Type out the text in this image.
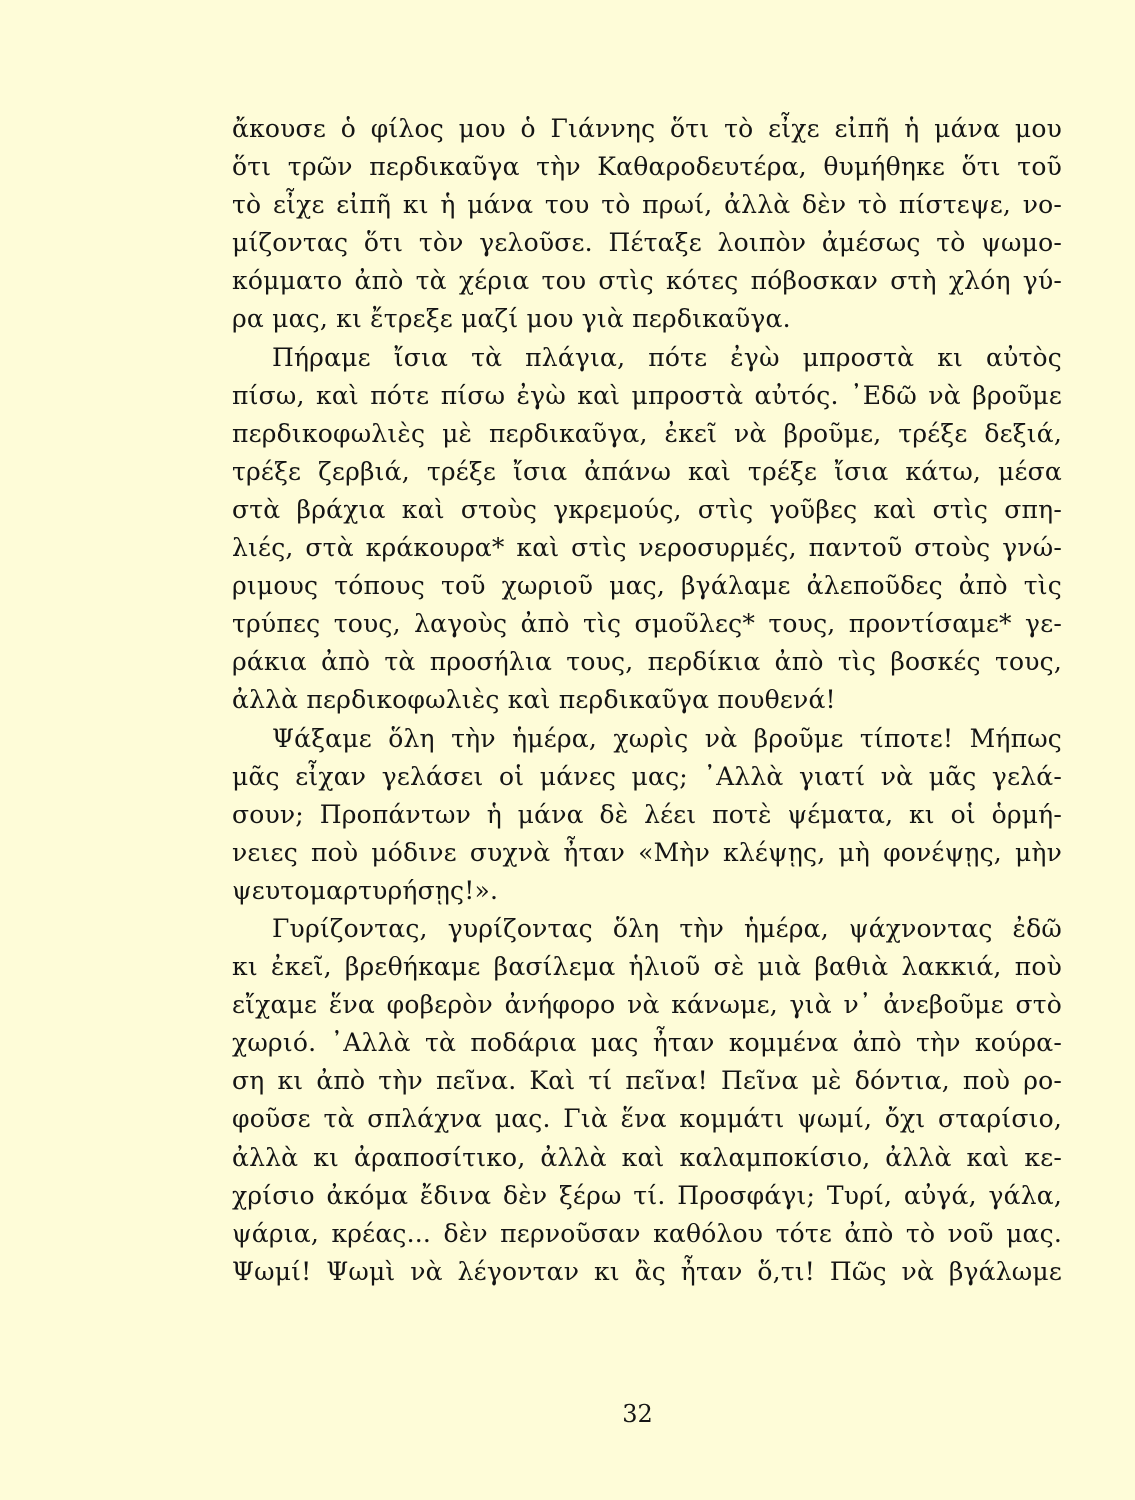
ἄκουσε ὁ φίλος μου ὁ Γιάννης ὅτι τὸ εἶχε εἰπῆ ἡ μάνα μου
ὅτι τρῶν περδικαῦγα τὴν Καθαροδευτέρα, θυμήθηκε ὅτι τοῦ
τὸ εἶχε εἰπῆ κι ἡ μάνα του τὸ πρωί, ἀλλὰ δὲν τὸ πίστεψε, νο-
μίζοντας ὅτι τὸν γελοῦσε. Πέταξε λοιπὸν ἀμέσως τὸ ψωμο-
κόμματο ἀπὸ τὰ χέρια του στὶς κότες πόβοσκαν στὴ χλόη γύ-
ρα μας, κι ἔτρεξε μαζί μου γιὰ περδικαῦγα.
Πήραμε ἴσια τὰ πλάγια, πότε ἐγὼ μπροστὰ κι αὐτὸς
πίσω, καὶ πότε πίσω ἐγὼ καὶ μπροστὰ αὐτός. ᾿Εδῶ νὰ βροῦμε
περδικοφωλιὲς μὲ περδικαῦγα, ἐκεῖ νὰ βροῦμε, τρέξε δεξιά,
τρέξε ζερβιά, τρέξε ἴσια ἀπάνω καὶ τρέξε ἴσια κάτω, μέσα
στὰ βράχια καὶ στοὺς γκρεμούς, στὶς γοῦβες καὶ στὶς σπη-
λιές, στὰ κράκουρα* καὶ στὶς νεροσυρμές, παντοῦ στοὺς γνώ-
ριμους τόπους τοῦ χωριοῦ μας, βγάλαμε ἀλεποῦδες ἀπὸ τὶς
τρύπες τους, λαγοὺς ἀπὸ τὶς σμοῦλες* τους, προντίσαμε* γε-
ράκια ἀπὸ τὰ προσήλια τους, περδίκια ἀπὸ τὶς βοσκές τους,
ἀλλὰ περδικοφωλιὲς καὶ περδικαῦγα πουθενά!
Ψάξαμε ὅλη τὴν ἡμέρα, χωρὶς νὰ βροῦμε τίποτε! Μήπως
μᾶς εἶχαν γελάσει οἱ μάνες μας; ᾿Αλλὰ γιατί νὰ μᾶς γελά-
σουν; Προπάντων ἡ μάνα δὲ λέει ποτὲ ψέματα, κι οἱ ὁρμή-
νειες ποὺ μόδινε συχνὰ ἦταν «Μὴν κλέψῃς, μὴ φονέψῃς, μὴν
ψευτομαρτυρήσῃς!».
Γυρίζοντας, γυρίζοντας ὅλη τὴν ἡμέρα, ψάχνοντας ἐδῶ
κι ἐκεῖ, βρεθήκαμε βασίλεμα ἡλιοῦ σὲ μιὰ βαθιὰ λακκιά, ποὺ
εἴχαμε ἕνα φοβερὸν ἀνήφορο νὰ κάνωμε, γιὰ ν᾿ ἀνεβοῦμε στὸ
χωριό. ᾿Αλλὰ τὰ ποδάρια μας ἦταν κομμένα ἀπὸ τὴν κούρα-
ση κι ἀπὸ τὴν πεῖνα. Καὶ τί πεῖνα! Πεῖνα μὲ δόντια, ποὺ ρο-
φοῦσε τὰ σπλάχνα μας. Γιὰ ἕνα κομμάτι ψωμί, ὄχι σταρίσιο,
ἀλλὰ κι ἀραποσίτικο, ἀλλὰ καὶ καλαμποκίσιο, ἀλλὰ καὶ κε-
χρίσιο ἀκόμα ἔδινα δὲν ξέρω τί. Προσφάγι; Τυρί, αὐγά, γάλα,
ψάρια, κρέας... δὲν περνοῦσαν καθόλου τότε ἀπὸ τὸ νοῦ μας.
Ψωμί! Ψωμὶ νὰ λέγονταν κι ἂς ἦταν ὅ,τι! Πῶς νὰ βγάλωμε
32
